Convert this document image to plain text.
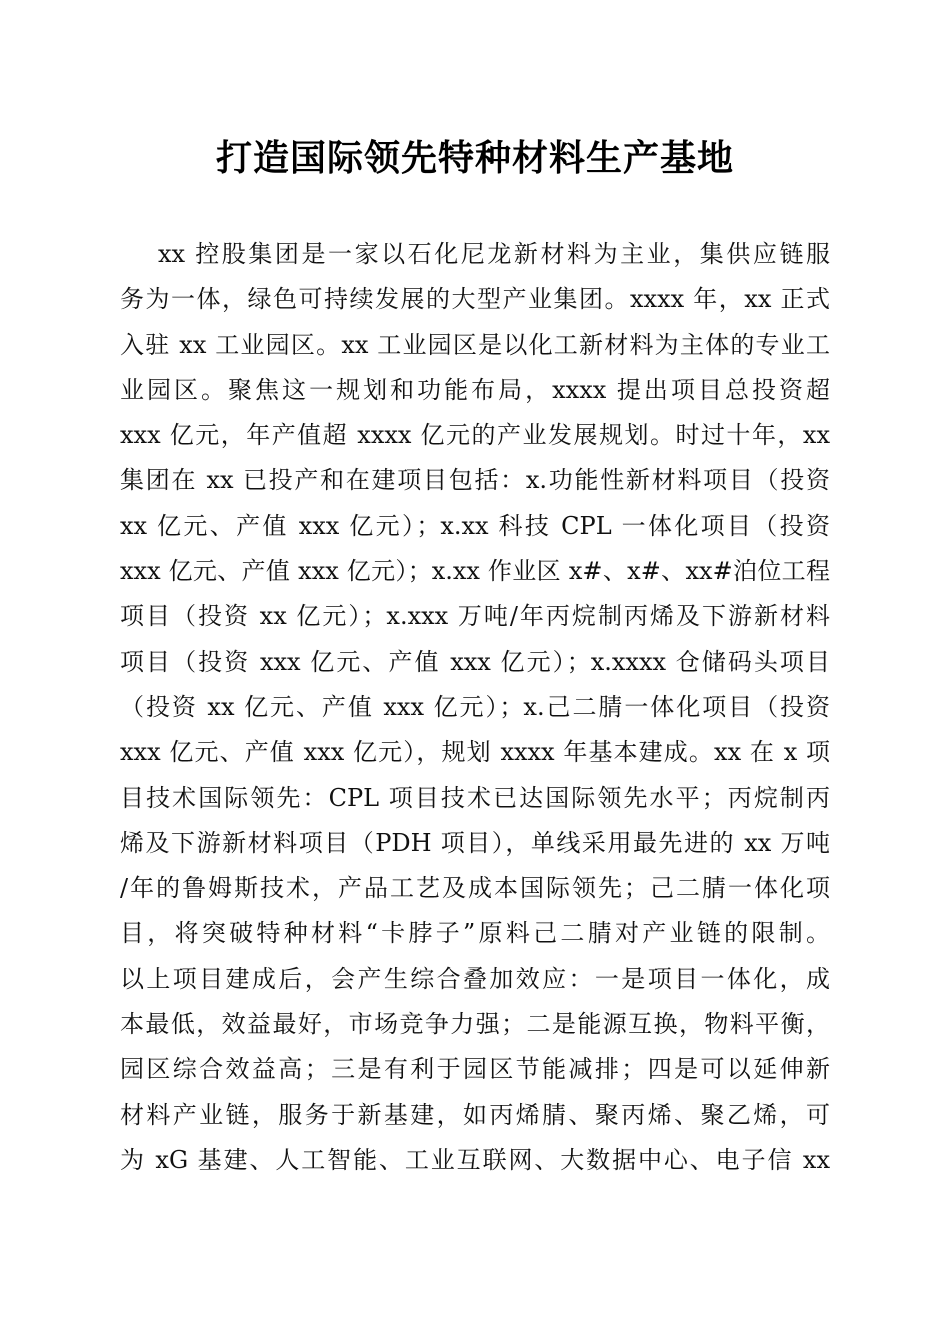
打造国际领先特种材料生产基地
xx 控股集团是一家以石化尼龙新材料为主业，集供应链服
务为一体，绿色可持续发展的大型产业集团。xxxx 年，xx 正式
入驻 xx 工业园区。xx 工业园区是以化工新材料为主体的专业工
业园区。聚焦这一规划和功能布局，xxxx 提出项目总投资超
xxx 亿元，年产值超 xxxx 亿元的产业发展规划。时过十年，xx
集团在 xx 已投产和在建项目包括：x.功能性新材料项目（投资
xx 亿元、产值 xxx 亿元）；x.xx 科技 CPL 一体化项目（投资
xxx 亿元、产值 xxx 亿元）；x.xx 作业区 x#、x#、xx#泊位工程
项目（投资 xx 亿元）；x.xxx 万吨/年丙烷制丙烯及下游新材料
项目（投资 xxx 亿元、产值 xxx 亿元）；x.xxxx 仓储码头项目
（投资 xx 亿元、产值 xxx 亿元）；x.己二腈一体化项目（投资
xxx 亿元、产值 xxx 亿元），规划 xxxx 年基本建成。xx 在 x 项
目技术国际领先：CPL 项目技术已达国际领先水平；丙烷制丙
烯及下游新材料项目（PDH 项目），单线采用最先进的 xx 万吨
/年的鲁姆斯技术，产品工艺及成本国际领先；己二腈一体化项
目，将突破特种材料“卡脖子”原料己二腈对产业链的限制。
以上项目建成后，会产生综合叠加效应：一是项目一体化，成
本最低，效益最好，市场竞争力强；二是能源互换，物料平衡，
园区综合效益高；三是有利于园区节能减排；四是可以延伸新
材料产业链，服务于新基建，如丙烯腈、聚丙烯、聚乙烯，可
为 xG 基建、人工智能、工业互联网、大数据中心、电子信 xx
